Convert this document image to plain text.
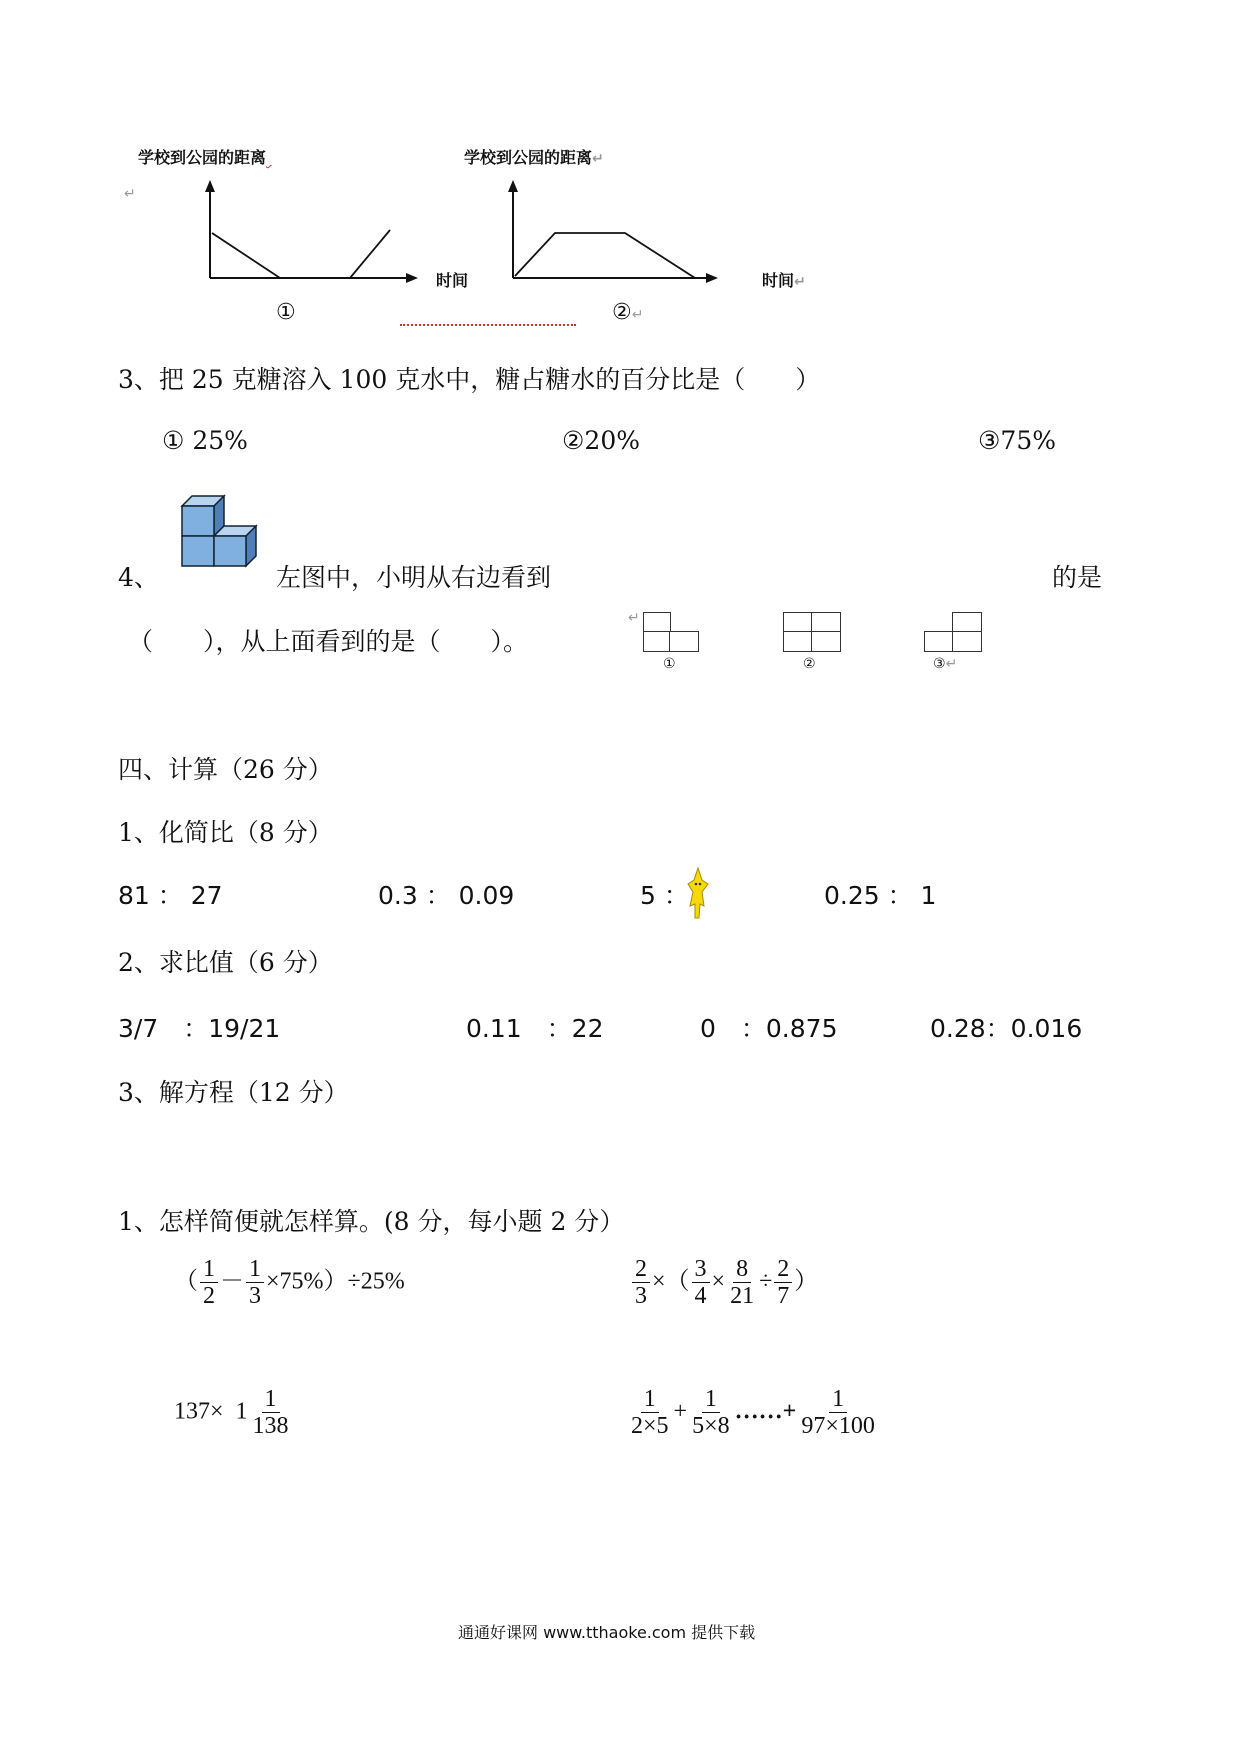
学校到公园的距离	学校到公园的距离↵
↵
时间
①
时间↵
②↵
3、把 25 克糖溶入 100 克水中，糖占糖水的百分比是（　　）
① 25%	②20%	③75%
4、	左图中，小明从右边看到	的是
（　　），从上面看到的是（　　）。
↵
①	②	③↵
四、计算（26 分）
1、化简比（8 分）
81 ： 27	0.3 ： 0.09	5 ：	0.25 ： 1
2、求比值（6 分）
3/7　：19/21	0.11　：22	0　：0.875	0.28：0.016
3、解方程（12 分）
1、怎样简便就怎样算。(8 分，每小题 2 分）
（ $\frac{1}{2} - \frac{1}{3} \times 75\%)\div 25\%$	$\frac{2}{3}$ ×（ $\frac{3}{4} \times \frac{8}{21} \div \frac{2}{7}$ ）
$137\times 1 \frac{1}{138}$	$\frac{1}{2\times 5} + \frac{1}{5\times 8}$ ……+ $\frac{1}{97\times 100}$
通通好课网 www.tthaoke.com 提供下载
